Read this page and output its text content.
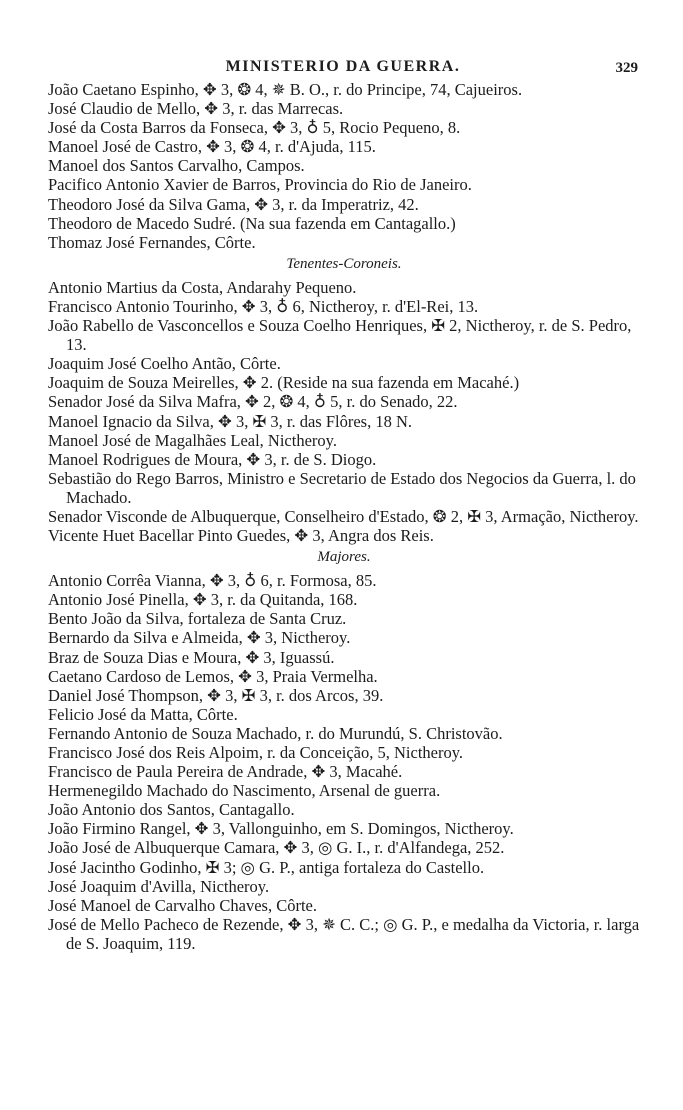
MINISTERIO DA GUERRA.	329

João Caetano Espinho, ✥ 3, ❂ 4, ✵ B. O., r. do Principe, 74, Cajueiros.

José Claudio de Mello, ✥ 3, r. das Marrecas.

José da Costa Barros da Fonseca, ✥ 3, ♁ 5, Rocio Pequeno, 8.

Manoel José de Castro, ✥ 3, ❂ 4, r. d'Ajuda, 115.

Manoel dos Santos Carvalho, Campos.

Pacifico Antonio Xavier de Barros, Provincia do Rio de Janeiro.

Theodoro José da Silva Gama, ✥ 3, r. da Imperatriz, 42.

Theodoro de Macedo Sudré. (Na sua fazenda em Cantagallo.)

Thomaz José Fernandes, Côrte.

Tenentes-Coroneis.

Antonio Martius da Costa, Andarahy Pequeno.

Francisco Antonio Tourinho, ✥ 3, ♁ 6, Nictheroy, r. d'El-Rei, 13.

João Rabello de Vasconcellos e Souza Coelho Henriques, ✠ 2, Nictheroy, r. de S. Pedro, 13.

Joaquim José Coelho Antão, Côrte.

Joaquim de Souza Meirelles, ✥ 2. (Reside na sua fazenda em Macahé.)

Senador José da Silva Mafra, ✥ 2, ❂ 4, ♁ 5, r. do Senado, 22.

Manoel Ignacio da Silva, ✥ 3, ✠ 3, r. das Flôres, 18 N.

Manoel José de Magalhães Leal, Nictheroy.

Manoel Rodrigues de Moura, ✥ 3, r. de S. Diogo.

Sebastião do Rego Barros, Ministro e Secretario de Estado dos Negocios da Guerra, l. do Machado.

Senador Visconde de Albuquerque, Conselheiro d'Estado, ❂ 2, ✠ 3, Armação, Nictheroy.

Vicente Huet Bacellar Pinto Guedes, ✥ 3, Angra dos Reis.

Majores.

Antonio Corrêa Vianna, ✥ 3, ♁ 6, r. Formosa, 85.

Antonio José Pinella, ✥ 3, r. da Quitanda, 168.

Bento João da Silva, fortaleza de Santa Cruz.

Bernardo da Silva e Almeida, ✥ 3, Nictheroy.

Braz de Souza Dias e Moura, ✥ 3, Iguassú.

Caetano Cardoso de Lemos, ✥ 3, Praia Vermelha.

Daniel José Thompson, ✥ 3, ✠ 3, r. dos Arcos, 39.

Felicio José da Matta, Côrte.

Fernando Antonio de Souza Machado, r. do Murundú, S. Christovão.

Francisco José dos Reis Alpoim, r. da Conceição, 5, Nictheroy.

Francisco de Paula Pereira de Andrade, ✥ 3, Macahé.

Hermenegildo Machado do Nascimento, Arsenal de guerra.

João Antonio dos Santos, Cantagallo.

João Firmino Rangel, ✥ 3, Vallonguinho, em S. Domingos, Nictheroy.

João José de Albuquerque Camara, ✥ 3, ◎ G. I., r. d'Alfandega, 252.

José Jacintho Godinho, ✠ 3; ◎ G. P., antiga fortaleza do Castello.

José Joaquim d'Avilla, Nictheroy.

José Manoel de Carvalho Chaves, Côrte.

José de Mello Pacheco de Rezende, ✥ 3, ✵ C. C.; ◎ G. P., e medalha da Victoria, r. larga de S. Joaquim, 119.
